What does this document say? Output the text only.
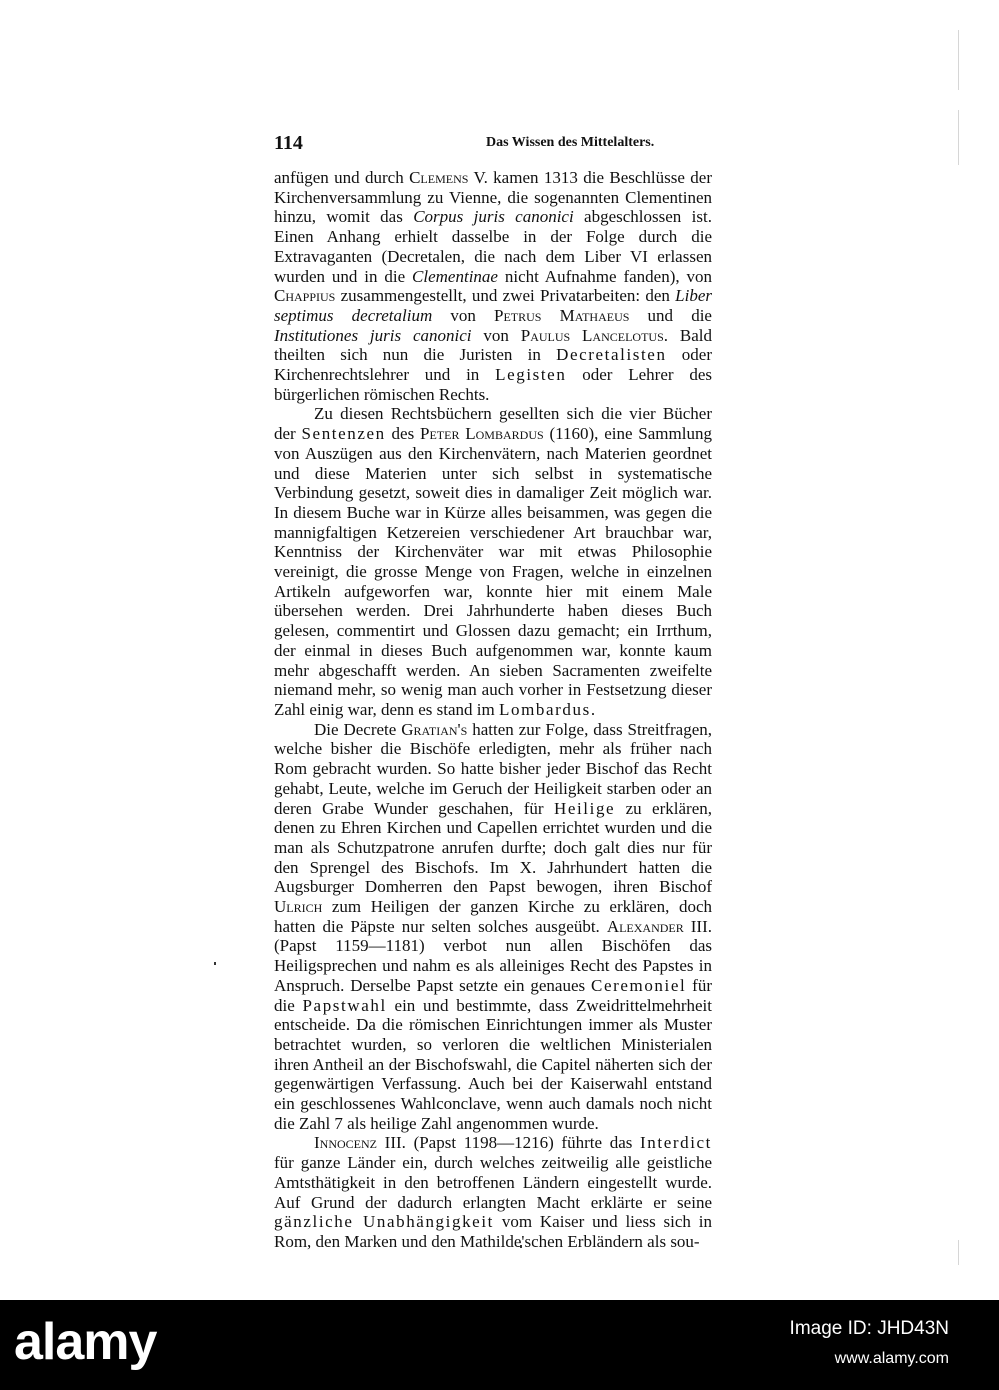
114	Das Wissen des Mittelalters.

anfügen und durch Clemens V. kamen 1313 die Beschlüsse der Kirchenversammlung zu Vienne, die sogenannten Clementinen hinzu, womit das Corpus juris canonici abgeschlossen ist. Einen Anhang erhielt dasselbe in der Folge durch die Extravaganten (Decretalen, die nach dem Liber VI erlassen wurden und in die Clementinae nicht Aufnahme fanden), von Chappius zusammengestellt, und zwei Privatarbeiten: den Liber septimus decretalium von Petrus Mathaeus und die Institutiones juris canonici von Paulus Lancelotus. Bald theilten sich nun die Juristen in Decretalisten oder Kirchenrechtslehrer und in Legisten oder Lehrer des bürgerlichen römischen Rechts.

Zu diesen Rechtsbüchern gesellten sich die vier Bücher der Sentenzen des Peter Lombardus (1160), eine Sammlung von Auszügen aus den Kirchenvätern, nach Materien geordnet und diese Materien unter sich selbst in systematische Verbindung gesetzt, soweit dies in damaliger Zeit möglich war. In diesem Buche war in Kürze alles beisammen, was gegen die mannigfaltigen Ketzereien verschiedener Art brauchbar war, Kenntniss der Kirchenväter war mit etwas Philosophie vereinigt, die grosse Menge von Fragen, welche in einzelnen Artikeln aufgeworfen war, konnte hier mit einem Male übersehen werden. Drei Jahrhunderte haben dieses Buch gelesen, commentirt und Glossen dazu gemacht; ein Irrthum, der einmal in dieses Buch aufgenommen war, konnte kaum mehr abgeschafft werden. An sieben Sacramenten zweifelte niemand mehr, so wenig man auch vorher in Festsetzung dieser Zahl einig war, denn es stand im Lombardus.

Die Decrete Gratian's hatten zur Folge, dass Streitfragen, welche bisher die Bischöfe erledigten, mehr als früher nach Rom gebracht wurden. So hatte bisher jeder Bischof das Recht gehabt, Leute, welche im Geruch der Heiligkeit starben oder an deren Grabe Wunder geschahen, für Heilige zu erklären, denen zu Ehren Kirchen und Capellen errichtet wurden und die man als Schutzpatrone anrufen durfte; doch galt dies nur für den Sprengel des Bischofs. Im X. Jahrhundert hatten die Augsburger Domherren den Papst bewogen, ihren Bischof Ulrich zum Heiligen der ganzen Kirche zu erklären, doch hatten die Päpste nur selten solches ausgeübt. Alexander III. (Papst 1159—1181) verbot nun allen Bischöfen das Heiligsprechen und nahm es als alleiniges Recht des Papstes in Anspruch. Derselbe Papst setzte ein genaues Ceremoniel für die Papstwahl ein und bestimmte, dass Zweidrittelmehrheit entscheide. Da die römischen Einrichtungen immer als Muster betrachtet wurden, so verloren die weltlichen Ministerialen ihren Antheil an der Bischofswahl, die Capitel näherten sich der gegenwärtigen Verfassung. Auch bei der Kaiserwahl entstand ein geschlossenes Wahlconclave, wenn auch damals noch nicht die Zahl 7 als heilige Zahl angenommen wurde.

Innocenz III. (Papst 1198—1216) führte das Interdict für ganze Länder ein, durch welches zeitweilig alle geistliche Amtsthätigkeit in den betroffenen Ländern eingestellt wurde. Auf Grund der dadurch erlangten Macht erklärte er seine gänzliche Unabhängigkeit vom Kaiser und liess sich in Rom, den Marken und den Mathilde'schen Erbländern als sou-

alamy	Image ID: JHD43N
www.alamy.com
